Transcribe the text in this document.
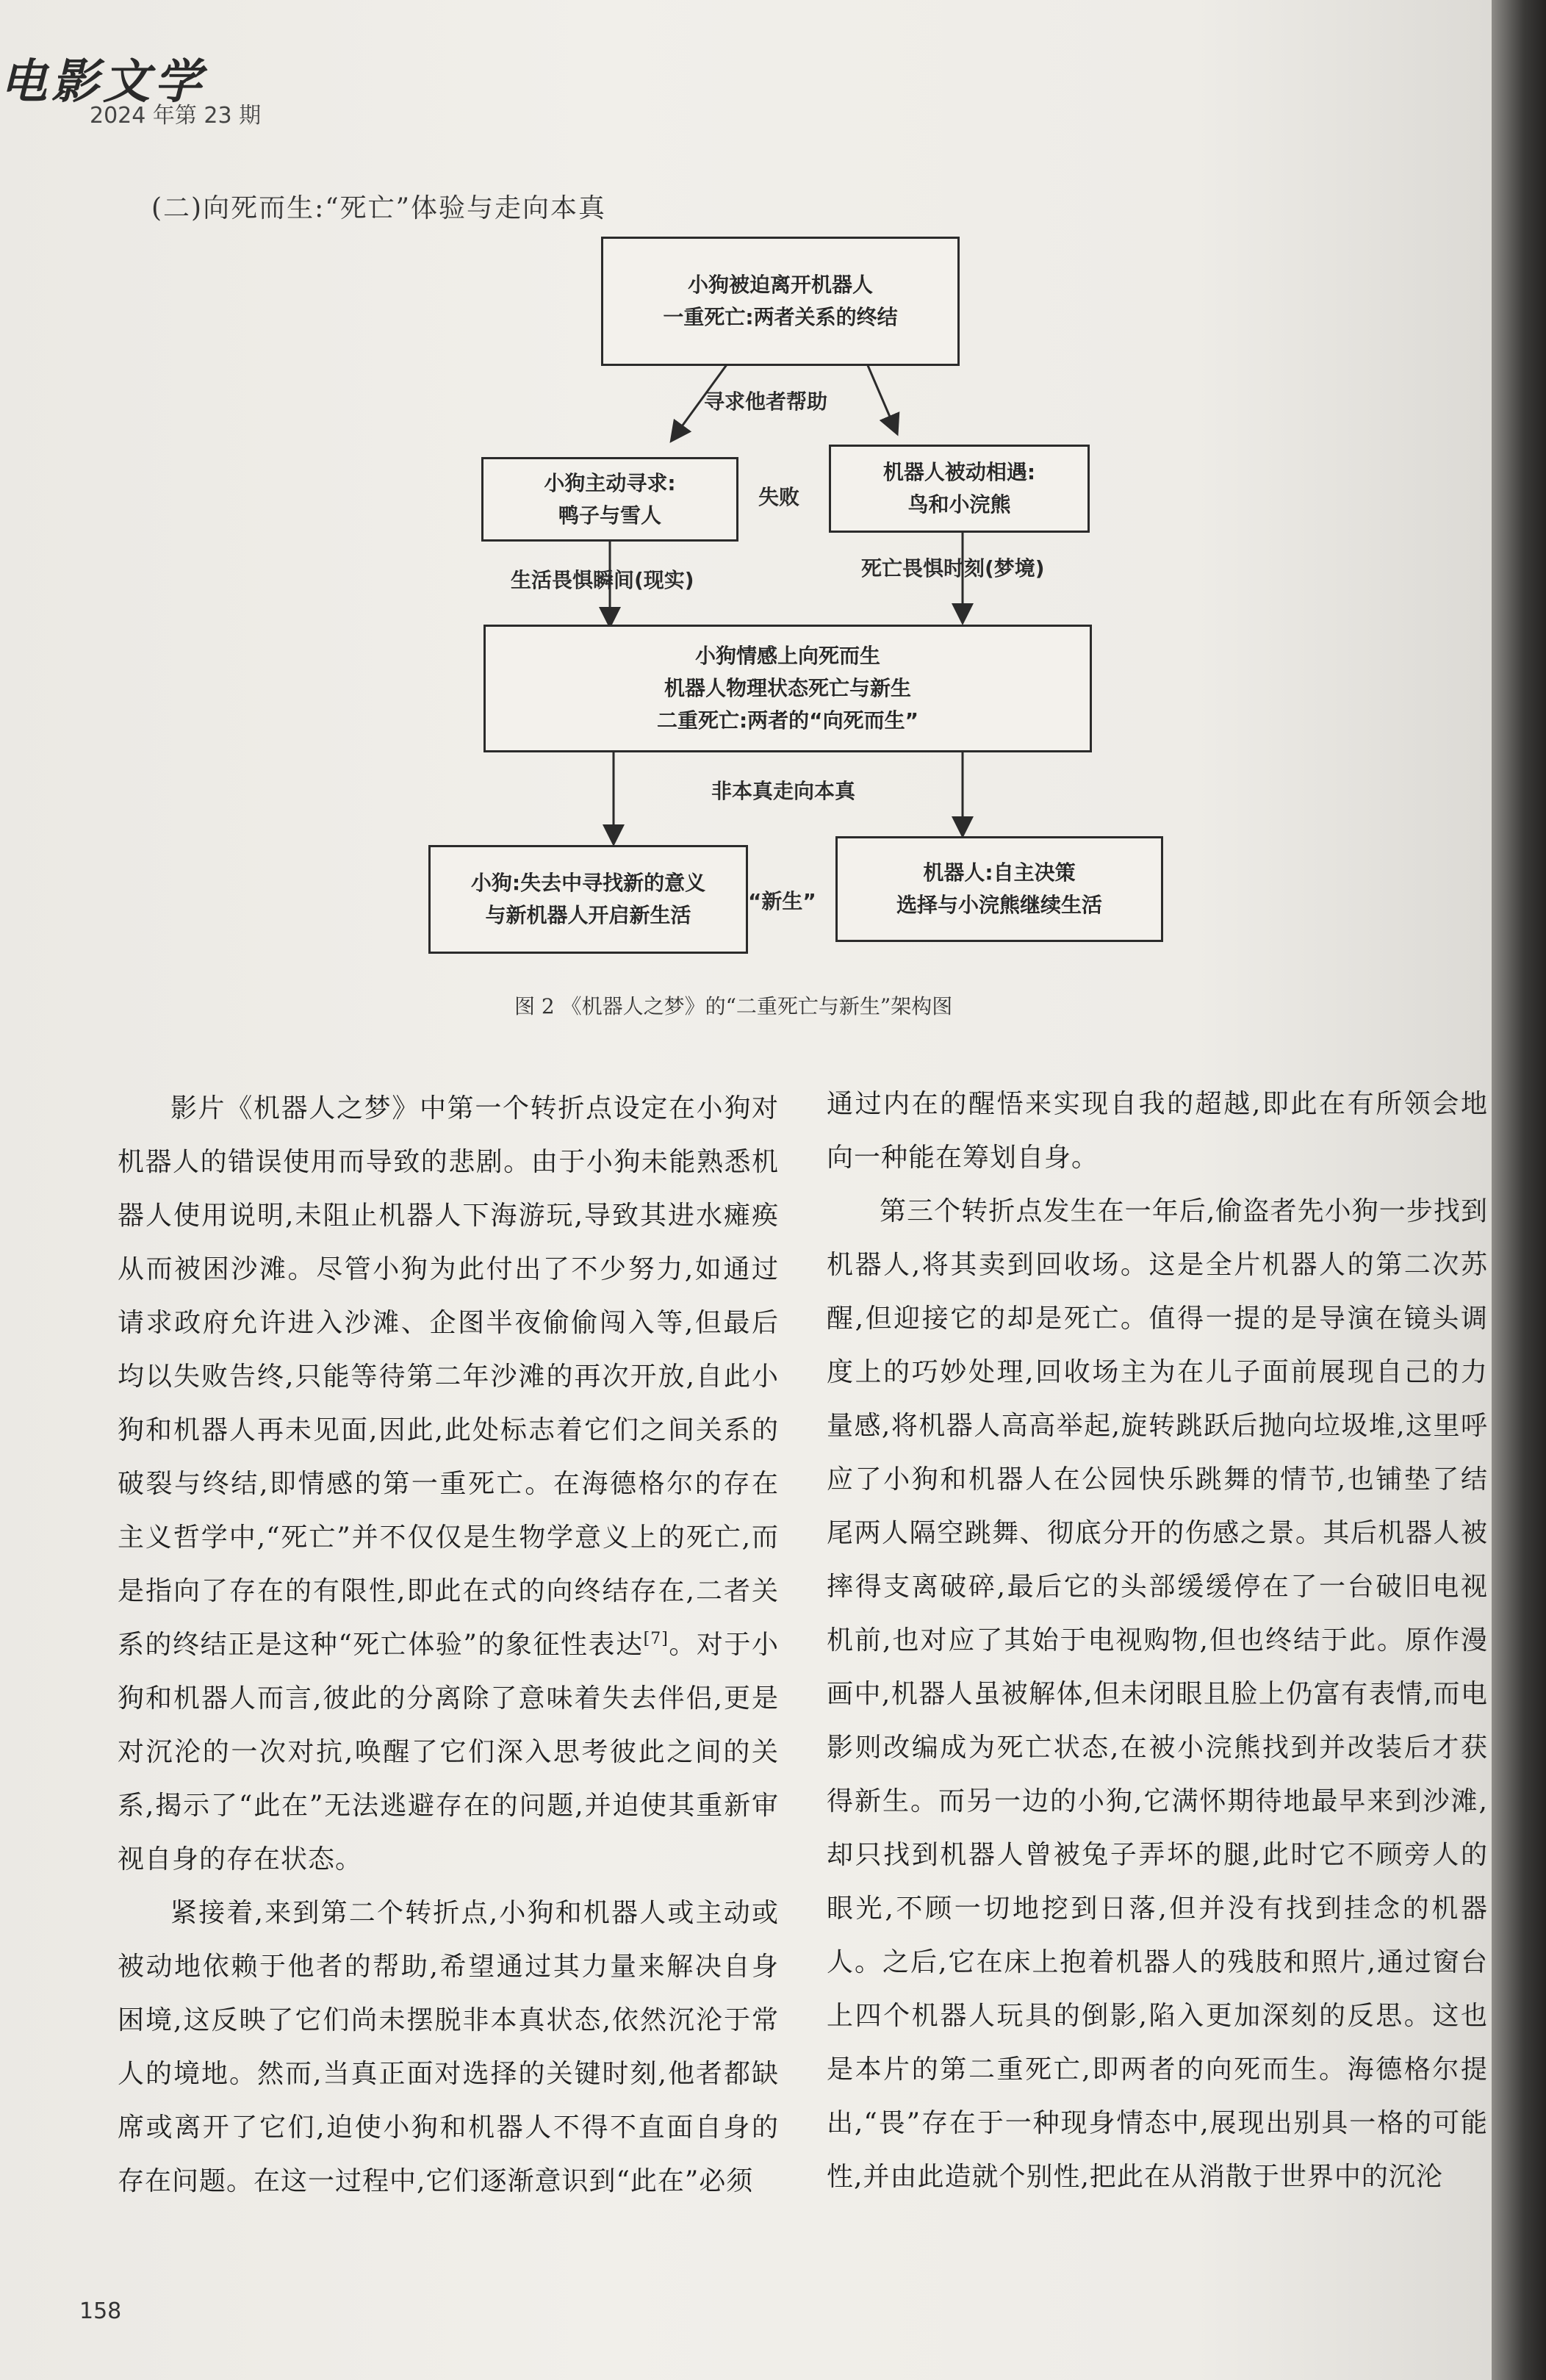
电影文学
2024 年第 23 期
(二)向死而生:“死亡”体验与走向本真
小狗被迫离开机器人
一重死亡:两者关系的终结
寻求他者帮助
小狗主动寻求:
鸭子与雪人
失败
机器人被动相遇:
鸟和小浣熊
生活畏惧瞬间(现实)	死亡畏惧时刻(梦境)
小狗情感上向死而生
机器人物理状态死亡与新生
二重死亡:两者的“向死而生”
非本真走向本真
小狗:失去中寻找新的意义
与新机器人开启新生活
“新生”
机器人:自主决策
选择与小浣熊继续生活
图 2 《机器人之梦》的“二重死亡与新生”架构图

影片《机器人之梦》中第一个转折点设定在小狗对机器人的错误使用而导致的悲剧。由于小狗未能熟悉机器人使用说明,未阻止机器人下海游玩,导致其进水瘫痪从而被困沙滩。尽管小狗为此付出了不少努力,如通过请求政府允许进入沙滩、企图半夜偷偷闯入等,但最后均以失败告终,只能等待第二年沙滩的再次开放,自此小狗和机器人再未见面,因此,此处标志着它们之间关系的破裂与终结,即情感的第一重死亡。在海德格尔的存在主义哲学中,“死亡”并不仅仅是生物学意义上的死亡,而是指向了存在的有限性,即此在式的向终结存在,二者关系的终结正是这种“死亡体验”的象征性表达[7]。对于小狗和机器人而言,彼此的分离除了意味着失去伴侣,更是对沉沦的一次对抗,唤醒了它们深入思考彼此之间的关系,揭示了“此在”无法逃避存在的问题,并迫使其重新审视自身的存在状态。

紧接着,来到第二个转折点,小狗和机器人或主动或被动地依赖于他者的帮助,希望通过其力量来解决自身困境,这反映了它们尚未摆脱非本真状态,依然沉沦于常人的境地。然而,当真正面对选择的关键时刻,他者都缺席或离开了它们,迫使小狗和机器人不得不直面自身的存在问题。在这一过程中,它们逐渐意识到“此在”必须

通过内在的醒悟来实现自我的超越,即此在有所领会地向一种能在筹划自身。

第三个转折点发生在一年后,偷盗者先小狗一步找到机器人,将其卖到回收场。这是全片机器人的第二次苏醒,但迎接它的却是死亡。值得一提的是导演在镜头调度上的巧妙处理,回收场主为在儿子面前展现自己的力量感,将机器人高高举起,旋转跳跃后抛向垃圾堆,这里呼应了小狗和机器人在公园快乐跳舞的情节,也铺垫了结尾两人隔空跳舞、彻底分开的伤感之景。其后机器人被摔得支离破碎,最后它的头部缓缓停在了一台破旧电视机前,也对应了其始于电视购物,但也终结于此。原作漫画中,机器人虽被解体,但未闭眼且脸上仍富有表情,而电影则改编成为死亡状态,在被小浣熊找到并改装后才获得新生。而另一边的小狗,它满怀期待地最早来到沙滩,却只找到机器人曾被兔子弄坏的腿,此时它不顾旁人的眼光,不顾一切地挖到日落,但并没有找到挂念的机器人。之后,它在床上抱着机器人的残肢和照片,通过窗台上四个机器人玩具的倒影,陷入更加深刻的反思。这也是本片的第二重死亡,即两者的向死而生。海德格尔提出,“畏”存在于一种现身情态中,展现出别具一格的可能性,并由此造就个别性,把此在从消散于世界中的沉沦

158
